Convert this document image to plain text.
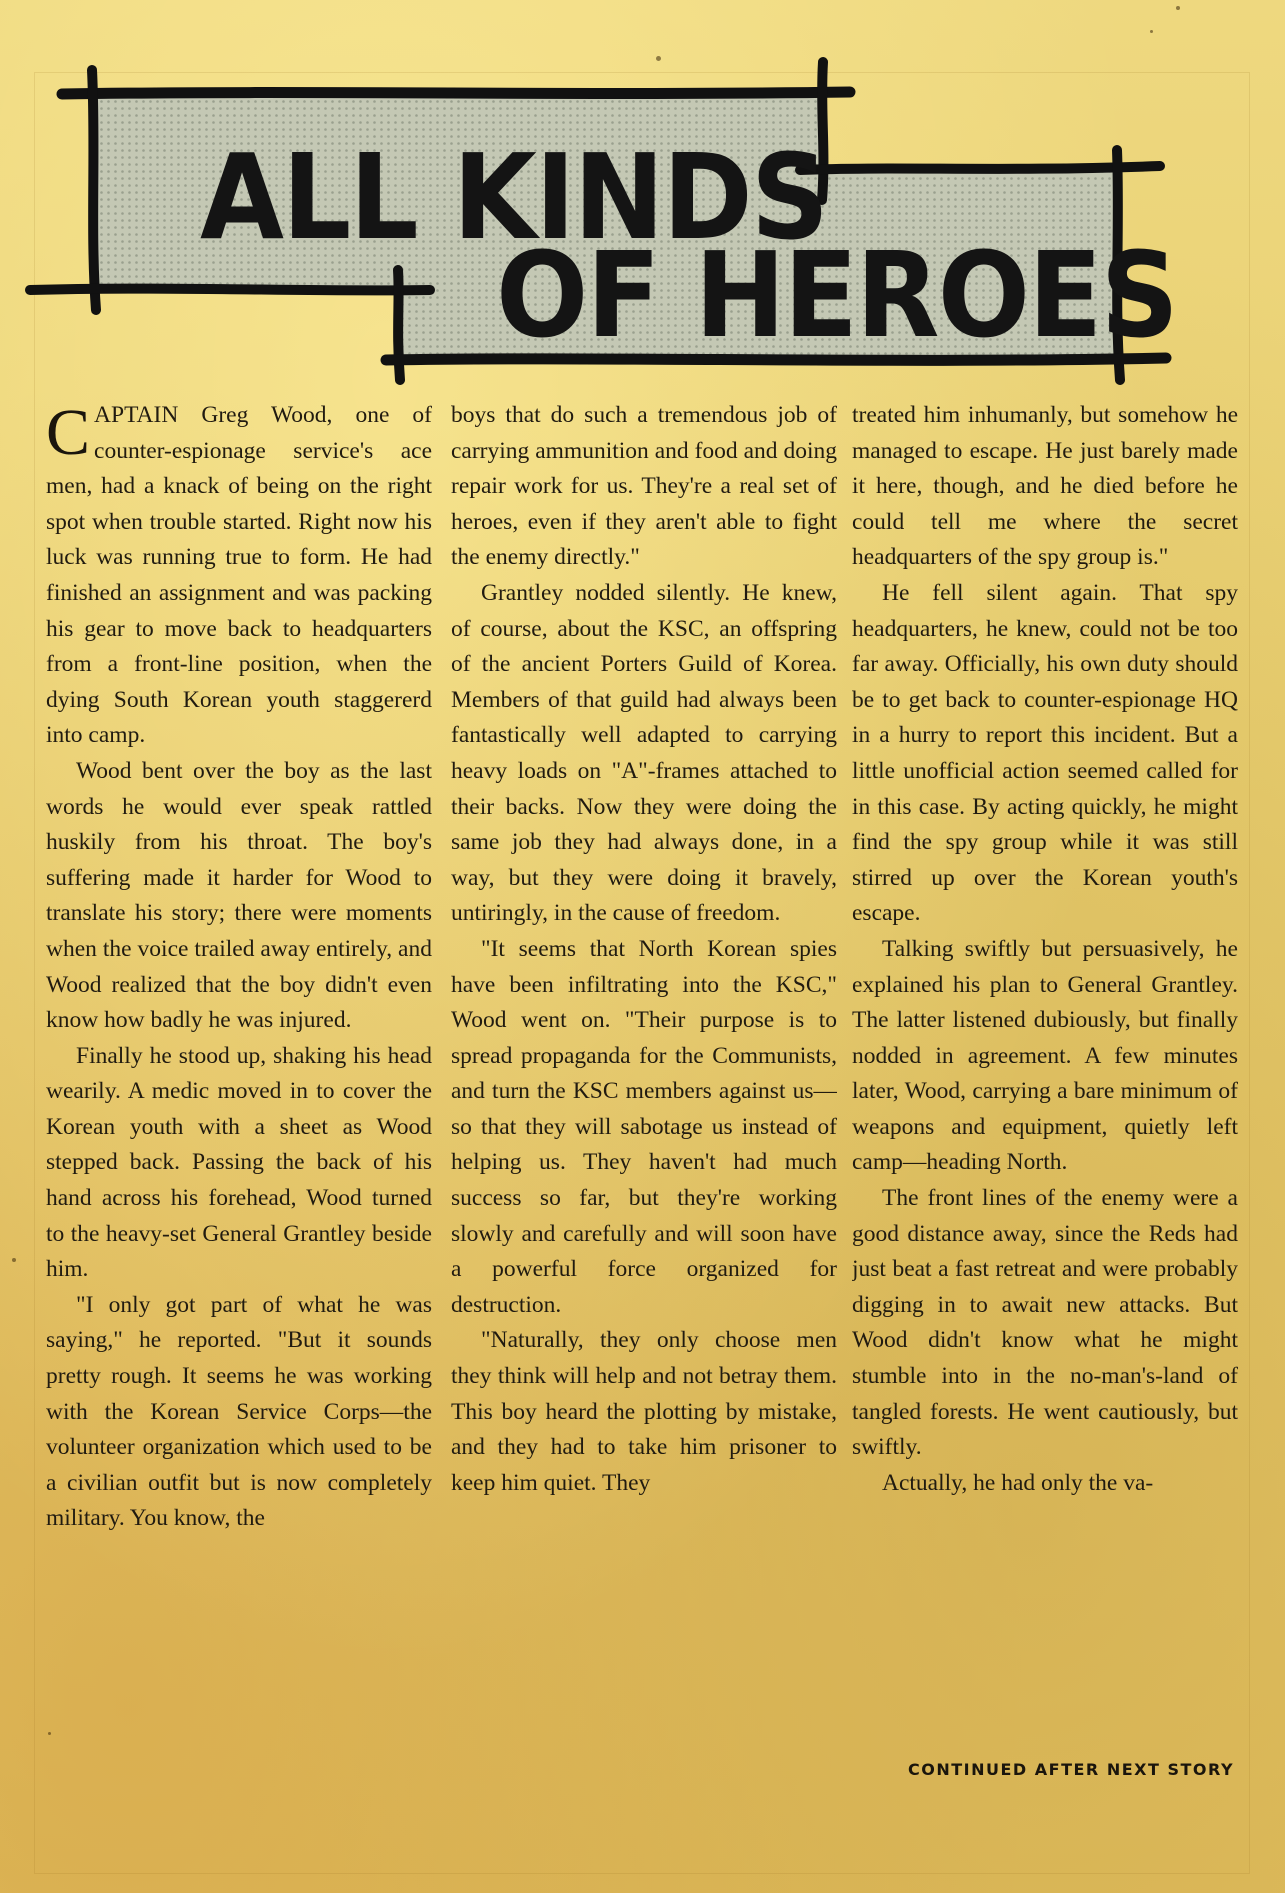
ALL KINDS
OF HEROES

CAPTAIN Greg Wood, one of counter-espionage service's ace men, had a knack of being on the right spot when trouble started. Right now his luck was running true to form. He had finished an assignment and was packing his gear to move back to headquarters from a front-line position, when the dying South Korean youth staggererd into camp.

Wood bent over the boy as the last words he would ever speak rattled huskily from his throat. The boy's suffering made it harder for Wood to translate his story; there were moments when the voice trailed away entirely, and Wood realized that the boy didn't even know how badly he was injured.

Finally he stood up, shaking his head wearily. A medic moved in to cover the Korean youth with a sheet as Wood stepped back. Passing the back of his hand across his forehead, Wood turned to the heavy-set General Grantley beside him.

"I only got part of what he was saying," he reported. "But it sounds pretty rough. It seems he was working with the Korean Service Corps—the volunteer organization which used to be a civilian outfit but is now completely military. You know, the

boys that do such a tremendous job of carrying ammunition and food and doing repair work for us. They're a real set of heroes, even if they aren't able to fight the enemy directly."

Grantley nodded silently. He knew, of course, about the KSC, an offspring of the ancient Porters Guild of Korea. Members of that guild had always been fantastically well adapted to carrying heavy loads on "A"-frames attached to their backs. Now they were doing the same job they had always done, in a way, but they were doing it bravely, untiringly, in the cause of freedom.

"It seems that North Korean spies have been infiltrating into the KSC," Wood went on. "Their purpose is to spread propaganda for the Communists, and turn the KSC members against us—so that they will sabotage us instead of helping us. They haven't had much success so far, but they're working slowly and carefully and will soon have a powerful force organized for destruction.

"Naturally, they only choose men they think will help and not betray them. This boy heard the plotting by mistake, and they had to take him prisoner to keep him quiet. They

treated him inhumanly, but somehow he managed to escape. He just barely made it here, though, and he died before he could tell me where the secret headquarters of the spy group is."

He fell silent again. That spy headquarters, he knew, could not be too far away. Officially, his own duty should be to get back to counter-espionage HQ in a hurry to report this incident. But a little unofficial action seemed called for in this case. By acting quickly, he might find the spy group while it was still stirred up over the Korean youth's escape.

Talking swiftly but persuasively, he explained his plan to General Grantley. The latter listened dubiously, but finally nodded in agreement. A few minutes later, Wood, carrying a bare minimum of weapons and equipment, quietly left camp—heading North.

The front lines of the enemy were a good distance away, since the Reds had just beat a fast retreat and were probably digging in to await new attacks. But Wood didn't know what he might stumble into in the no-man's-land of tangled forests. He went cautiously, but swiftly.

Actually, he had only the va-

CONTINUED AFTER NEXT STORY
